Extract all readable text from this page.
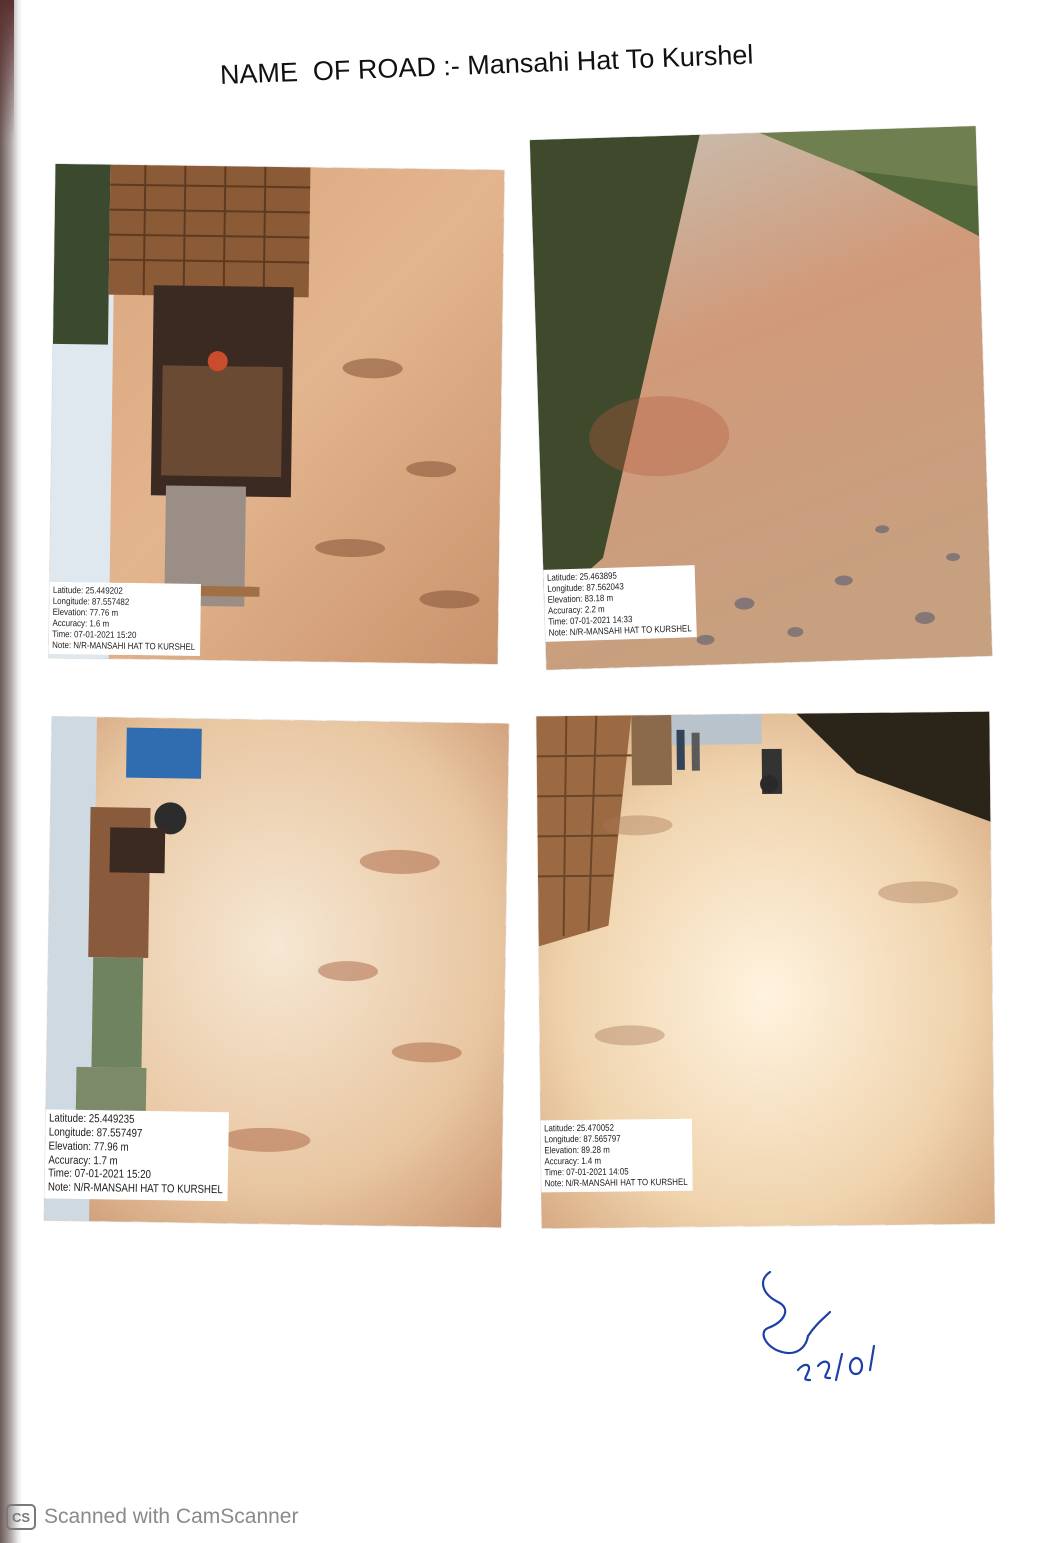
NAME  OF ROAD :- Mansahi Hat To Kurshel
Latitude: 25.449202
Longitude: 87.557482
Elevation: 77.76 m
Accuracy: 1.6 m
Time: 07-01-2021 15:20
Note: N/R-MANSAHI HAT TO KURSHEL
Latitude: 25.463895
Longitude: 87.562043
Elevation: 83.18 m
Accuracy: 2.2 m
Time: 07-01-2021 14:33
Note: N/R-MANSAHI HAT TO KURSHEL
Latitude: 25.449235
Longitude: 87.557497
Elevation: 77.96 m
Accuracy: 1.7 m
Time: 07-01-2021 15:20
Note: N/R-MANSAHI HAT TO KURSHEL
Latitude: 25.470052
Longitude: 87.565797
Elevation: 89.28 m
Accuracy: 1.4 m
Time: 07-01-2021 14:05
Note: N/R-MANSAHI HAT TO KURSHEL
CS Scanned with CamScanner
